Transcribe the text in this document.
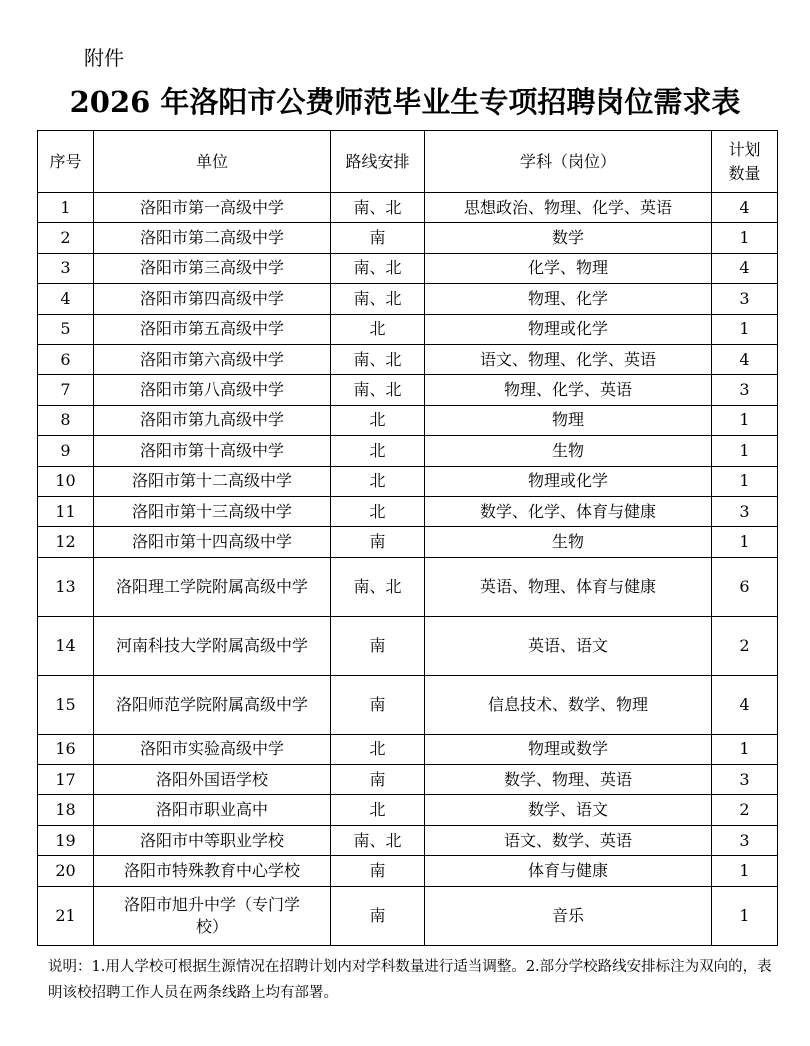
附件
2026 年洛阳市公费师范毕业生专项招聘岗位需求表
序号	单位	路线安排	学科（岗位）	计划数量
1	洛阳市第一高级中学	南、北	思想政治、物理、化学、英语	4
2	洛阳市第二高级中学	南	数学	1
3	洛阳市第三高级中学	南、北	化学、物理	4
4	洛阳市第四高级中学	南、北	物理、化学	3
5	洛阳市第五高级中学	北	物理或化学	1
6	洛阳市第六高级中学	南、北	语文、物理、化学、英语	4
7	洛阳市第八高级中学	南、北	物理、化学、英语	3
8	洛阳市第九高级中学	北	物理	1
9	洛阳市第十高级中学	北	生物	1
10	洛阳市第十二高级中学	北	物理或化学	1
11	洛阳市第十三高级中学	北	数学、化学、体育与健康	3
12	洛阳市第十四高级中学	南	生物	1
13	洛阳理工学院附属高级中学	南、北	英语、物理、体育与健康	6
14	河南科技大学附属高级中学	南	英语、语文	2
15	洛阳师范学院附属高级中学	南	信息技术、数学、物理	4
16	洛阳市实验高级中学	北	物理或数学	1
17	洛阳外国语学校	南	数学、物理、英语	3
18	洛阳市职业高中	北	数学、语文	2
19	洛阳市中等职业学校	南、北	语文、数学、英语	3
20	洛阳市特殊教育中心学校	南	体育与健康	1
21	洛阳市旭升中学（专门学校）	南	音乐	1
说明：1.用人学校可根据生源情况在招聘计划内对学科数量进行适当调整。2.部分学校路线安排标注为双向的，表明该校招聘工作人员在两条线路上均有部署。
